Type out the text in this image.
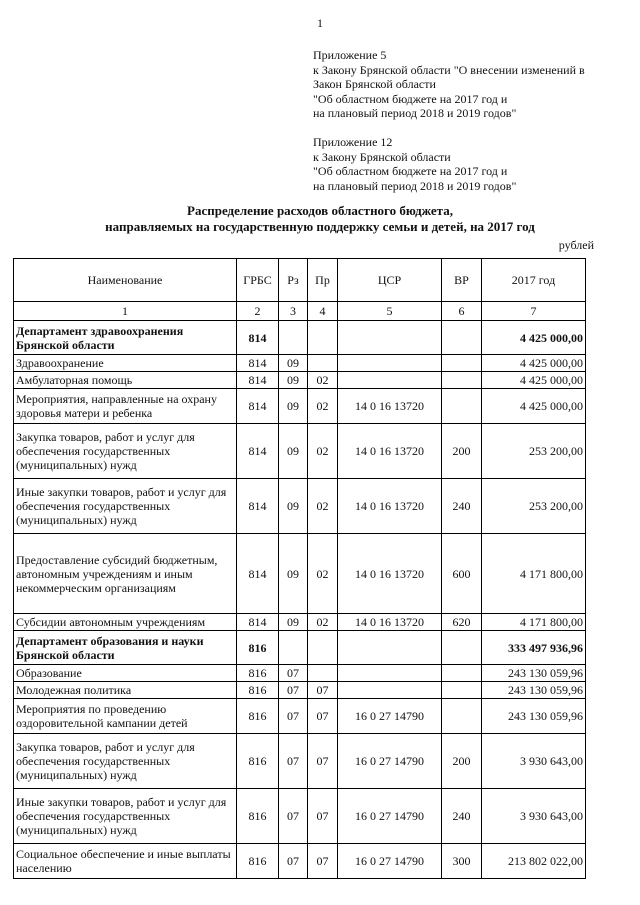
1
Приложение 5
к Закону Брянской области "О внесении изменений в
Закон Брянской области
"Об областном бюджете на 2017 год и
на плановый период 2018 и 2019 годов"
Приложение 12
к Закону Брянской области
"Об областном бюджете на 2017 год и
на плановый период 2018 и 2019 годов"
Распределение расходов областного бюджета,
направляемых на государственную поддержку семьи и детей, на 2017 год
рублей
Наименование	ГРБС	Рз	Пр	ЦСР	ВР	2017 год
1	2	3	4	5	6	7
Департамент здравоохранения Брянской области	814					4 425 000,00
Здравоохранение	814	09				4 425 000,00
Амбулаторная помощь	814	09	02			4 425 000,00
Мероприятия, направленные на охрану здоровья матери и ребенка	814	09	02	14 0 16 13720		4 425 000,00
Закупка товаров, работ и услуг для обеспечения государственных (муниципальных) нужд	814	09	02	14 0 16 13720	200	253 200,00
Иные закупки товаров, работ и услуг для обеспечения государственных (муниципальных) нужд	814	09	02	14 0 16 13720	240	253 200,00
Предоставление субсидий бюджетным, автономным учреждениям и иным некоммерческим организациям	814	09	02	14 0 16 13720	600	4 171 800,00
Субсидии автономным учреждениям	814	09	02	14 0 16 13720	620	4 171 800,00
Департамент образования и науки Брянской области	816					333 497 936,96
Образование	816	07				243 130 059,96
Молодежная политика	816	07	07			243 130 059,96
Мероприятия по проведению оздоровительной кампании детей	816	07	07	16 0 27 14790		243 130 059,96
Закупка товаров, работ и услуг для обеспечения государственных (муниципальных) нужд	816	07	07	16 0 27 14790	200	3 930 643,00
Иные закупки товаров, работ и услуг для обеспечения государственных (муниципальных) нужд	816	07	07	16 0 27 14790	240	3 930 643,00
Социальное обеспечение и иные выплаты населению	816	07	07	16 0 27 14790	300	213 802 022,00
